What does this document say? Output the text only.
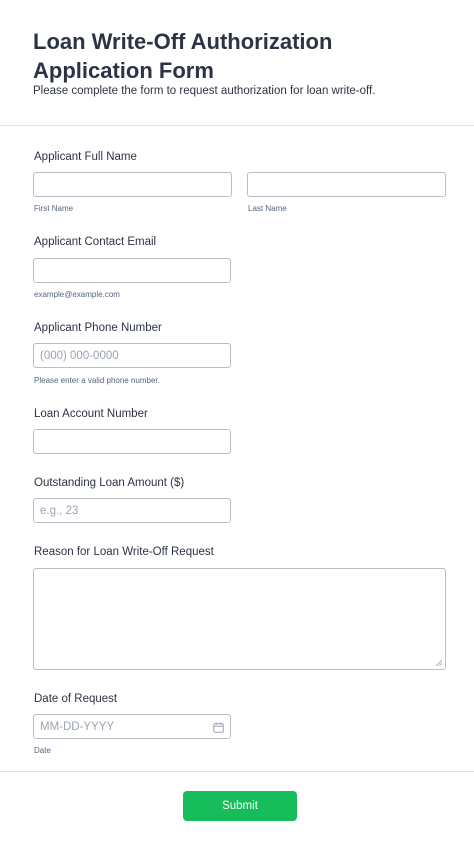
Loan Write-Off Authorization Application Form
Please complete the form to request authorization for loan write-off.
Applicant Full Name
First Name	Last Name
Applicant Contact Email
example@example.com
Applicant Phone Number
(000) 000-0000
Please enter a valid phone number.
Loan Account Number
Outstanding Loan Amount ($)
e.g., 23
Reason for Loan Write-Off Request
Date of Request
MM-DD-YYYY
Date
Submit
